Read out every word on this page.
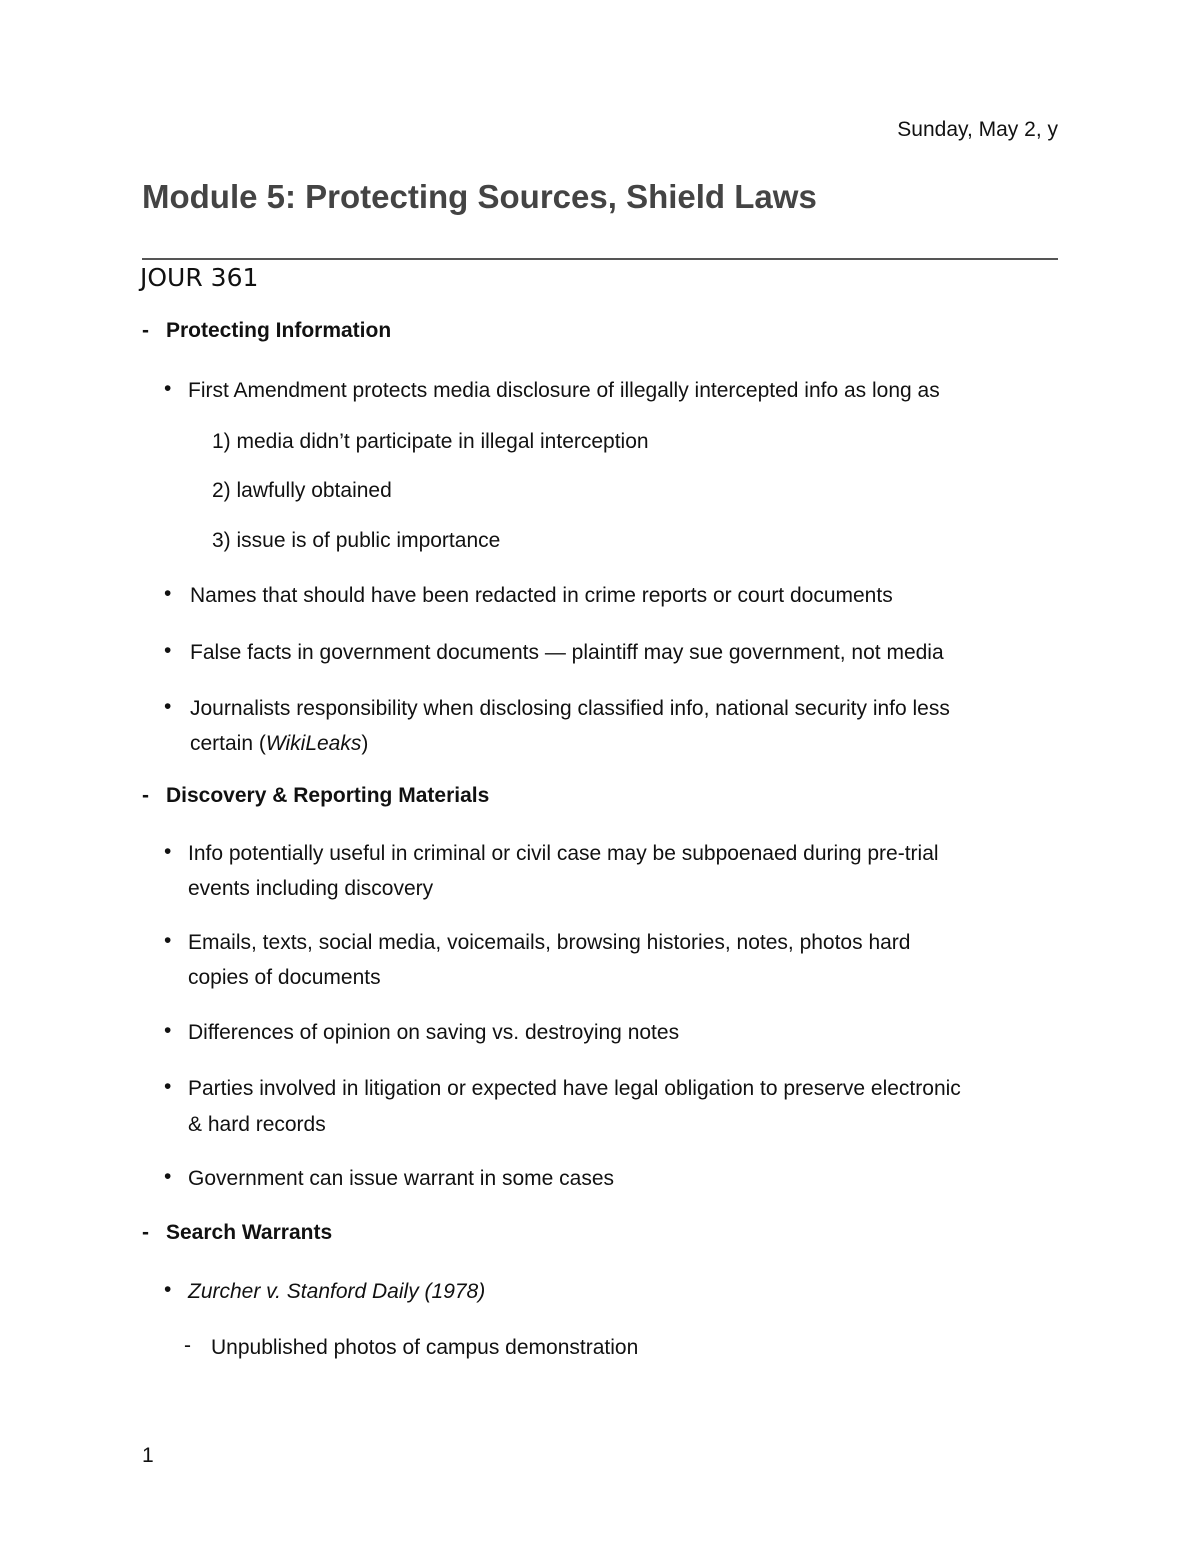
Sunday, May 2, y
Module 5: Protecting Sources, Shield Laws
JOUR 361
- Protecting Information
• First Amendment protects media disclosure of illegally intercepted info as long as
1) media didn’t participate in illegal interception
2) lawfully obtained
3) issue is of public importance
• Names that should have been redacted in crime reports or court documents
• False facts in government documents — plaintiff may sue government, not media
• Journalists responsibility when disclosing classified info, national security info less
certain (WikiLeaks)
- Discovery & Reporting Materials
• Info potentially useful in criminal or civil case may be subpoenaed during pre-trial
events including discovery
• Emails, texts, social media, voicemails, browsing histories, notes, photos hard
copies of documents
• Differences of opinion on saving vs. destroying notes
• Parties involved in litigation or expected have legal obligation to preserve electronic
& hard records
• Government can issue warrant in some cases
- Search Warrants
• Zurcher v. Stanford Daily (1978)
- Unpublished photos of campus demonstration
1
